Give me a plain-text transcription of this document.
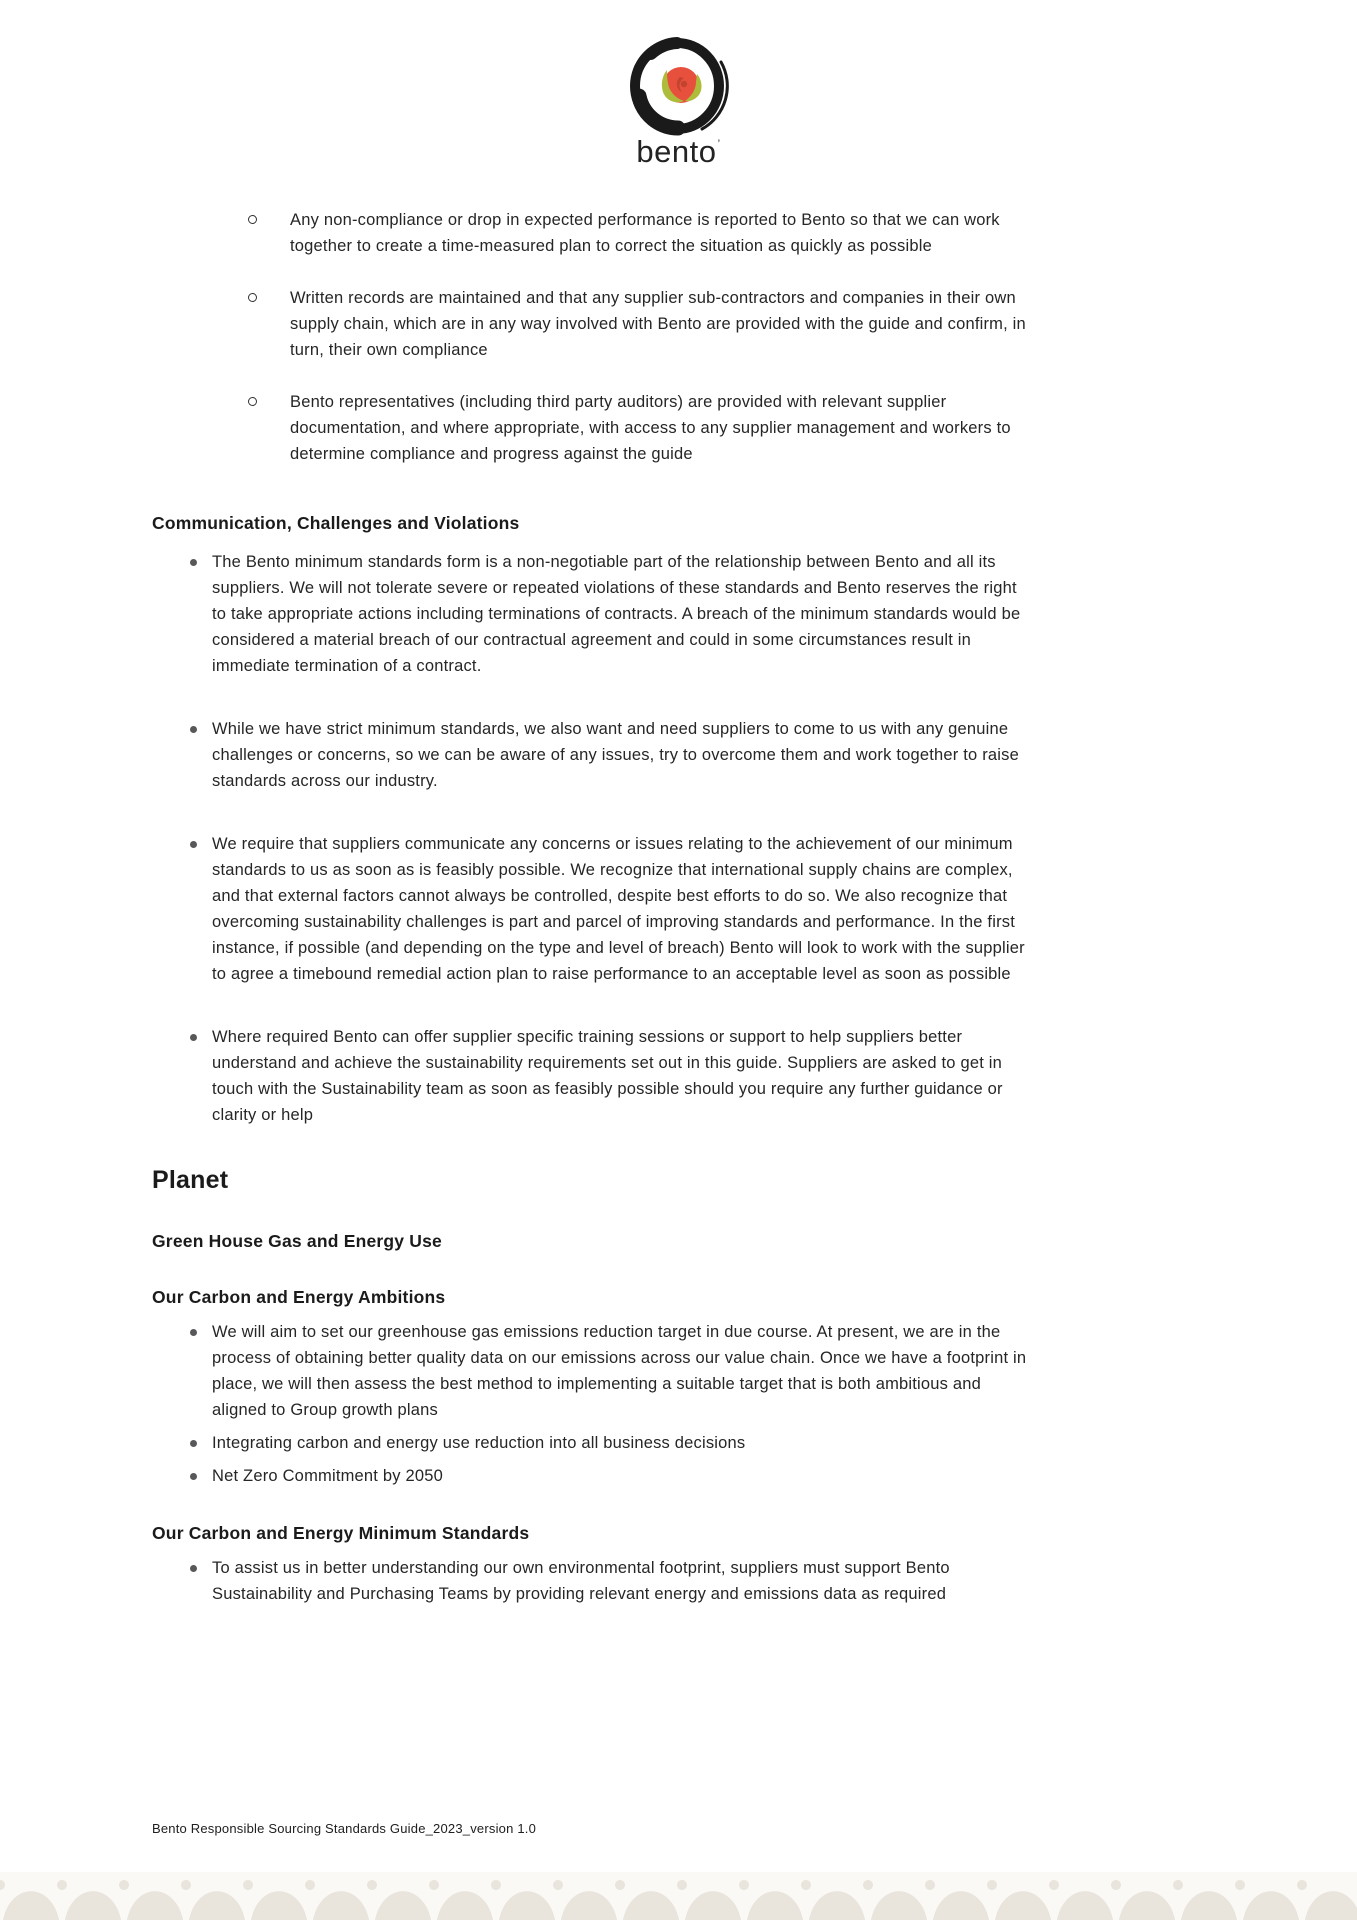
bento’
Any non-compliance or drop in expected performance is reported to Bento so that we can work together to create a time-measured plan to correct the situation as quickly as possible
Written records are maintained and that any supplier sub-contractors and companies in their own supply chain, which are in any way involved with Bento are provided with the guide and confirm, in turn, their own compliance
Bento representatives (including third party auditors) are provided with relevant supplier documentation, and where appropriate, with access to any supplier management and workers to determine compliance and progress against the guide
Communication, Challenges and Violations
The Bento minimum standards form is a non-negotiable part of the relationship between Bento and all its suppliers. We will not tolerate severe or repeated violations of these standards and Bento reserves the right to take appropriate actions including terminations of contracts. A breach of the minimum standards would be considered a material breach of our contractual agreement and could in some circumstances result in immediate termination of a contract.
While we have strict minimum standards, we also want and need suppliers to come to us with any genuine challenges or concerns, so we can be aware of any issues, try to overcome them and work together to raise standards across our industry.
We require that suppliers communicate any concerns or issues relating to the achievement of our minimum standards to us as soon as is feasibly possible. We recognize that international supply chains are complex, and that external factors cannot always be controlled, despite best efforts to do so. We also recognize that overcoming sustainability challenges is part and parcel of improving standards and performance. In the first instance, if possible (and depending on the type and level of breach) Bento will look to work with the supplier to agree a timebound remedial action plan to raise performance to an acceptable level as soon as possible
Where required Bento can offer supplier specific training sessions or support to help suppliers better understand and achieve the sustainability requirements set out in this guide. Suppliers are asked to get in touch with the Sustainability team as soon as feasibly possible should you require any further guidance or clarity or help
Planet
Green House Gas and Energy Use
Our Carbon and Energy Ambitions
We will aim to set our greenhouse gas emissions reduction target in due course. At present, we are in the process of obtaining better quality data on our emissions across our value chain. Once we have a footprint in place, we will then assess the best method to implementing a suitable target that is both ambitious and aligned to Group growth plans
Integrating carbon and energy use reduction into all business decisions
Net Zero Commitment by 2050
Our Carbon and Energy Minimum Standards
To assist us in better understanding our own environmental footprint, suppliers must support Bento Sustainability and Purchasing Teams by providing relevant energy and emissions data as required
Bento Responsible Sourcing Standards Guide_2023_version 1.0
